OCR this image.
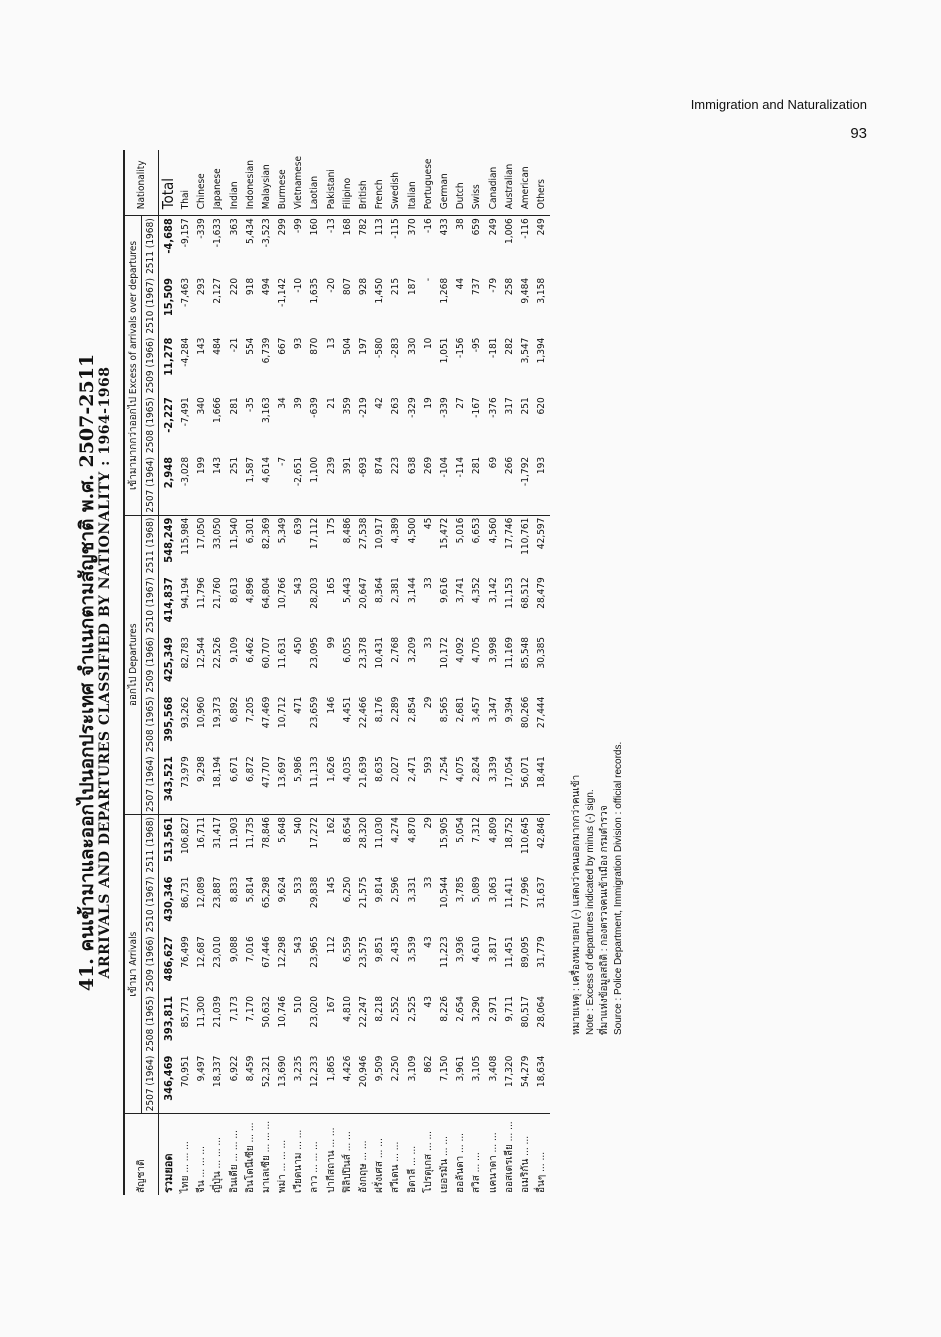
Immigration and Naturalization
93
41. คนเข้ามาและออกไปนอกประเทศ จำแนกตามสัญชาติ พ.ศ. 2507-2511 ARRIVALS AND DEPARTURES CLASSIFIED BY NATIONALITY : 1964-1968
สัญชาติ	เข้ามา Arrivals					ออกไป Departures					เข้ามามากกว่าออกไป Excess of arrivals over departures					Nationality
	2507 (1964)	2508 (1965)	2509 (1966)	2510 (1967)	2511 (1968)	2507 (1964)	2508 (1965)	2509 (1966)	2510 (1967)	2511 (1968)	2507 (1964)	2508 (1965)	2509 (1966)	2510 (1967)	2511 (1968)	
รวมยอด	346,469	393,811	486,627	430,346	513,561	343,521	395,568	425,349	414,837	548,249	2,948	-2,227	11,278	15,509	-4,688	Total
ไทย ... ... ...	70,951	85,771	76,499	86,731	106,827	73,979	93,262	82,783	94,194	115,984	-3,028	-7,491	-4,284	-7,463	-9,157	Thai
จีน ... ... ...	9,497	11,300	12,687	12,089	16,711	9,298	10,960	12,544	11,796	17,050	199	340	143	293	-339	Chinese
ญี่ปุ่น ... ... ...	18,337	21,039	23,010	23,887	31,417	18,194	19,373	22,526	21,760	33,050	143	1,666	484	2,127	-1,633	Japanese
อินเดีย ... ... ...	6,922	7,173	9,088	8,833	11,903	6,671	6,892	9,109	8,613	11,540	251	281	-21	220	363	Indian
อินโดนีเซีย ... ...	8,459	7,170	7,016	5,814	11,735	6,872	7,205	6,462	4,896	6,301	1,587	-35	554	918	5,434	Indonesian
มาเลเซีย ... ... ...	52,321	50,632	67,446	65,298	78,846	47,707	47,469	60,707	64,804	82,369	4,614	3,163	6,739	494	-3,523	Malaysian
พม่า ... ... ...	13,690	10,746	12,298	9,624	5,648	13,697	10,712	11,631	10,766	5,349	-7	34	667	-1,142	299	Burmese
เวียดนาม ... ...	3,235	510	543	533	540	5,986	471	450	543	639	-2,651	39	93	-10	-99	Vietnamese
ลาว ... ... ...	12,233	23,020	23,965	29,838	17,272	11,133	23,659	23,095	28,203	17,112	1,100	-639	870	1,635	160	Laotian
ปากีสถาน ... ...	1,865	167	112	145	162	1,626	146	99	165	175	239	21	13	-20	-13	Pakistani
ฟิลิปปินส์ ... ...	4,426	4,810	6,559	6,250	8,654	4,035	4,451	6,055	5,443	8,486	391	359	504	807	168	Filipino
อังกฤษ ... ...	20,946	22,247	23,575	21,575	28,320	21,639	22,466	23,378	20,647	27,538	-693	-219	197	928	782	British
ฝรั่งเศส ... ...	9,509	8,218	9,851	9,814	11,030	8,635	8,176	10,431	8,364	10,917	874	42	-580	1,450	113	French
สวีเดน ... ...	2,250	2,552	2,435	2,596	4,274	2,027	2,289	2,768	2,381	4,389	223	263	-283	215	-115	Swedish
อิตาลี ... ...	3,109	2,525	3,539	3,331	4,870	2,471	2,854	3,209	3,144	4,500	638	-329	330	187	370	Italian
โปรตุเกส ... ...	862	43	43	33	29	593	29	33	33	45	269	19	10	-	-16	Portuguese
เยอรมัน ... ...	7,150	8,226	11,223	10,544	15,905	7,254	8,565	10,172	9,616	15,472	-104	-339	1,051	1,268	433	German
ฮอลันดา ... ...	3,961	2,654	3,936	3,785	5,054	4,075	2,681	4,092	3,741	5,016	-114	27	-156	44	38	Dutch
สวิส ... ...	3,105	3,290	4,610	5,089	7,312	2,824	3,457	4,705	4,352	6,653	281	-167	-95	737	659	Swiss
แคนาดา ... ...	3,408	2,971	3,817	3,063	4,809	3,339	3,347	3,998	3,142	4,560	69	-376	-181	-79	249	Canadian
ออสเตรเลีย ... ...	17,320	9,711	11,451	11,411	18,752	17,054	9,394	11,169	11,153	17,746	266	317	282	258	1,006	Australian
อเมริกัน ... ...	54,279	80,517	89,095	77,996	110,645	56,071	80,266	85,548	68,512	110,761	-1,792	251	3,547	9,484	-116	American
อื่นๆ ... ...	18,634	28,064	31,779	31,637	42,846	18,441	27,444	30,385	28,479	42,597	193	620	1,394	3,158	249	Others
หมายเหตุ : เครื่องหมายลบ (-) แสดงว่าคนออกมากกว่าคนเข้า Note : Excess of departures indicated by minus (-) sign. ที่มาแห่งข้อมูลสถิติ : กองตรวจคนเข้าเมือง กรมตำรวจ Source : Police Department, Immigration Division : official records.
